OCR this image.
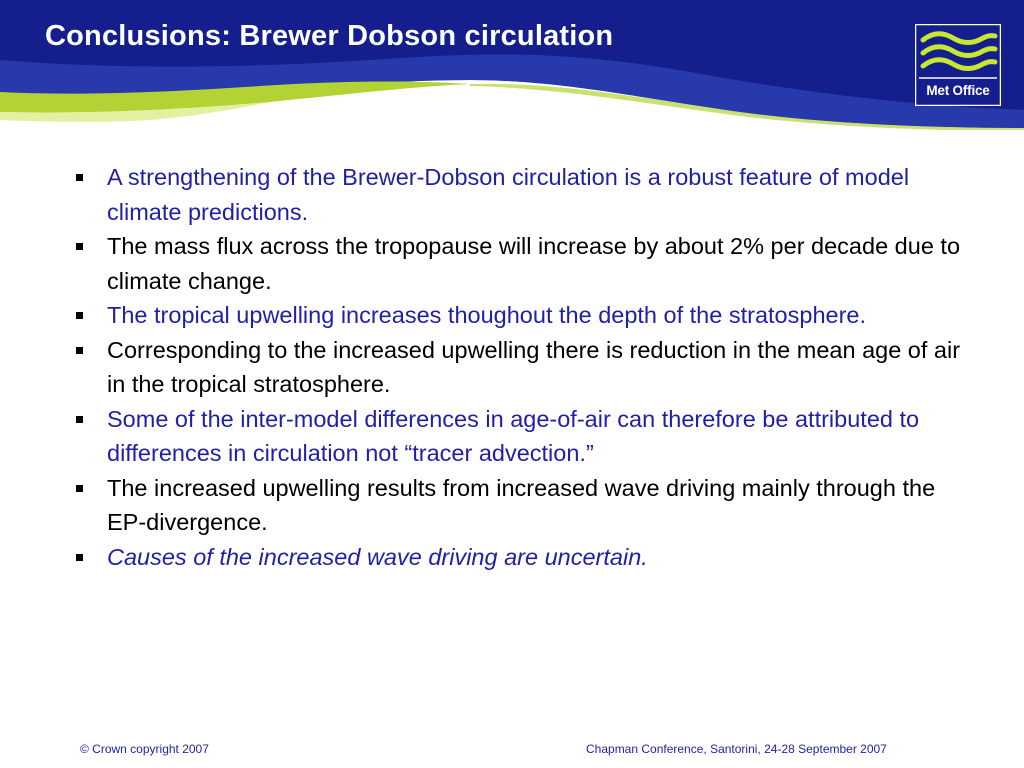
Conclusions: Brewer Dobson circulation
Met Office
A strengthening of the Brewer-Dobson circulation is a robust feature of model climate predictions.
The mass flux across the tropopause will increase by about 2% per decade due to climate change.
The tropical upwelling increases thoughout the depth of the stratosphere.
Corresponding to the increased upwelling there is reduction in the mean age of air in the tropical stratosphere.
Some of the inter-model differences in age-of-air can therefore be attributed to differences in circulation not “tracer advection.”
The increased upwelling results from increased wave driving mainly through the EP-divergence.
Causes of the increased wave driving are uncertain.
© Crown copyright 2007	Chapman Conference, Santorini, 24-28 September 2007
